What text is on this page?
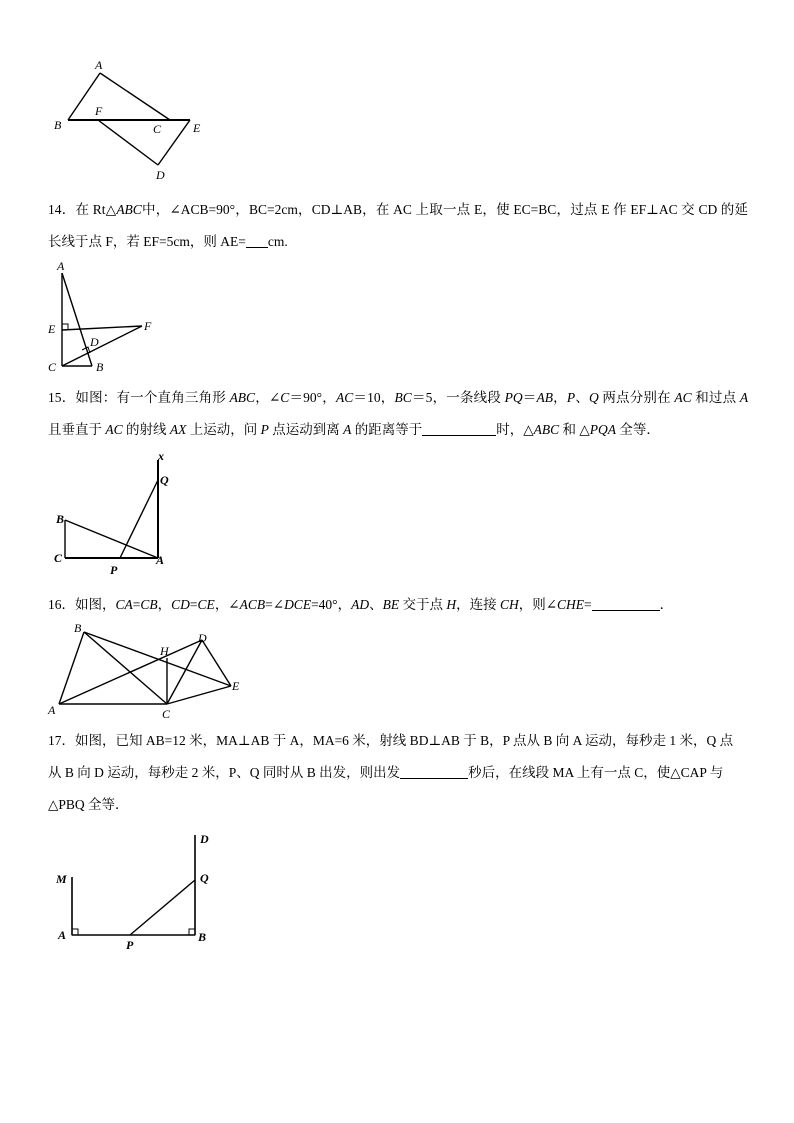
A
B
F
C	E
D

14．在 Rt△ABC中，∠ACB=90°，BC=2cm，CD⊥AB，在 AC 上取一点 E，使 EC=BC，过点 E 作 EF⊥AC 交 CD 的延长线于点 F，若 EF=5cm，则 AE= cm.

A
E	F
D
C	B

15．如图：有一个直角三角形 ABC，∠C＝90°，AC＝10，BC＝5，一条线段 PQ＝AB，P、Q 两点分别在 AC 和过点 A 且垂直于 AC 的射线 AX 上运动，问 P 点运动到离 A 的距离等于	时，△ABC 和 △PQA 全等．

x
Q
B
C
P
A

16．如图，CA=CB，CD=CE，∠ACB=∠DCE=40°，AD、BE 交于点 H，连接 CH，则∠CHE=	．

B
H
D
E
A	C
17．如图，已知 AB=12 米，MA⊥AB 于 A，MA=6 米，射线 BD⊥AB 于 B，P 点从 B 向 A 运动，每秒走 1 米，Q 点
从 B 向 D 运动，每秒走 2 米，P、Q 同时从 B 出发，则出发	秒后，在线段 MA 上有一点 C，使△CAP 与
△PBQ 全等．
D
M	Q
A
P
B
